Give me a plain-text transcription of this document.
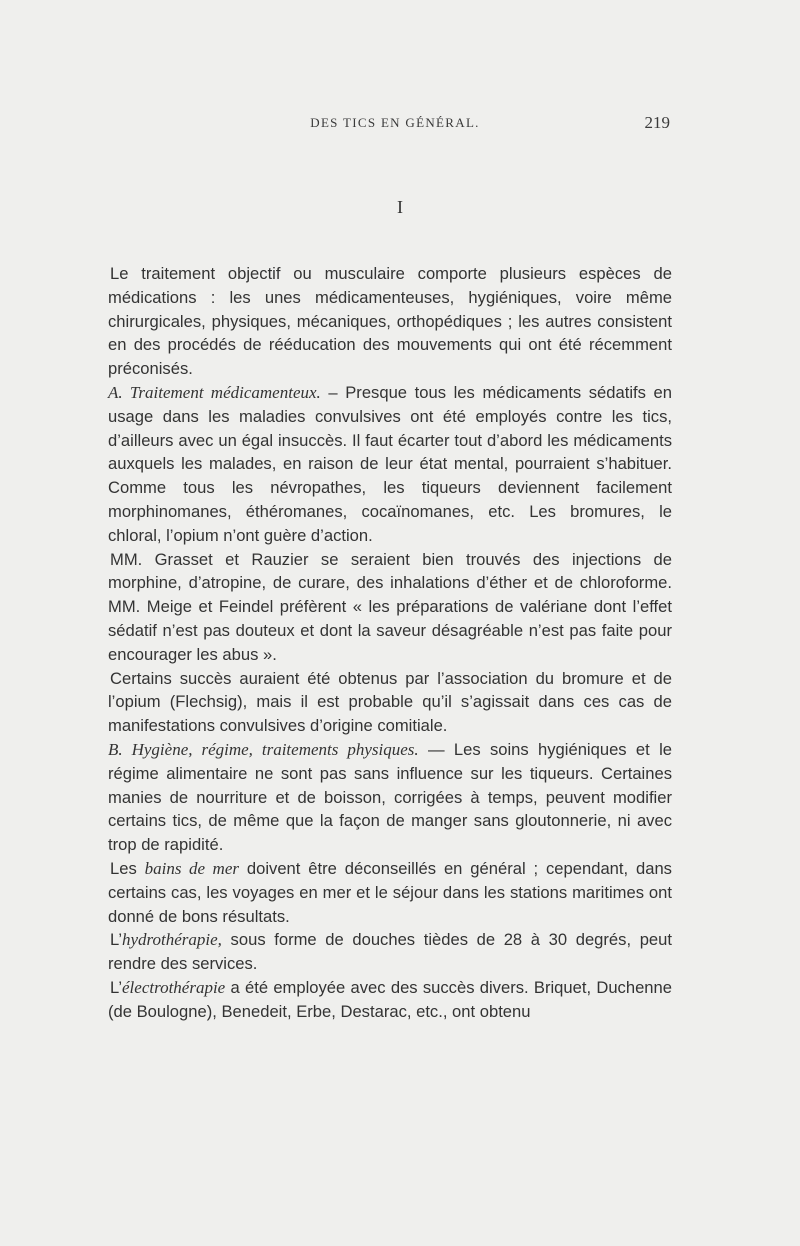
DES TICS EN GÉNÉRAL.	219
I

Le traitement objectif ou musculaire comporte plusieurs espèces de médications : les unes médicamenteuses, hygiéniques, voire même chirurgicales, physiques, mécaniques, orthopédiques ; les autres consistent en des procédés de rééducation des mouvements qui ont été récemment préconisés.

A. Traitement médicamenteux. – Presque tous les médicaments sédatifs en usage dans les maladies convulsives ont été employés contre les tics, d’ailleurs avec un égal insuccès. Il faut écarter tout d’abord les médicaments auxquels les malades, en raison de leur état mental, pourraient s’habituer. Comme tous les névropathes, les tiqueurs deviennent facilement morphinomanes, éthéromanes, cocaïnomanes, etc. Les bromures, le chloral, l’opium n’ont guère d’action.

MM. Grasset et Rauzier se seraient bien trouvés des injections de morphine, d’atropine, de curare, des inhalations d’éther et de chloroforme. MM. Meige et Feindel préfèrent « les préparations de valériane dont l’effet sédatif n’est pas douteux et dont la saveur désagréable n’est pas faite pour encourager les abus ».

Certains succès auraient été obtenus par l’association du bromure et de l’opium (Flechsig), mais il est probable qu’il s’agissait dans ces cas de manifestations convulsives d’origine comitiale.

B. Hygiène, régime, traitements physiques. — Les soins hygiéniques et le régime alimentaire ne sont pas sans influence sur les tiqueurs. Certaines manies de nourriture et de boisson, corrigées à temps, peuvent modifier certains tics, de même que la façon de manger sans gloutonnerie, ni avec trop de rapidité.

Les bains de mer doivent être déconseillés en général ; cependant, dans certains cas, les voyages en mer et le séjour dans les stations maritimes ont donné de bons résultats.

L’hydrothérapie, sous forme de douches tièdes de 28 à 30 degrés, peut rendre des services.

L’électrothérapie a été employée avec des succès divers. Briquet, Duchenne (de Boulogne), Benedeit, Erbe, Destarac, etc., ont obtenu
